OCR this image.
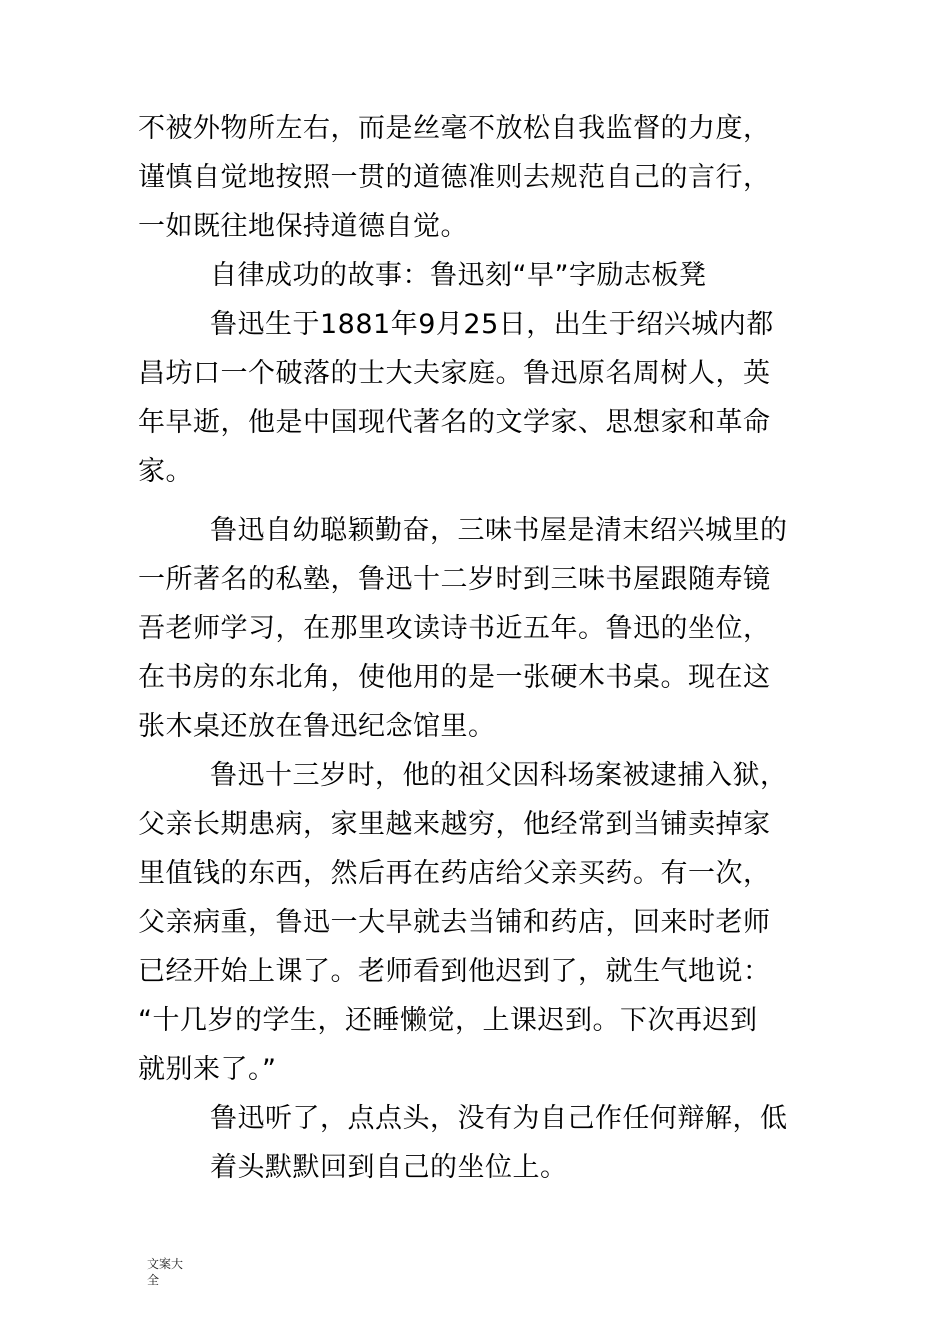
不被外物所左右，而是丝毫不放松自我监督的力度，
谨慎自觉地按照一贯的道德准则去规范自己的言行，
一如既往地保持道德自觉。
自律成功的故事：鲁迅刻“早”字励志板凳
鲁迅生于1881年9月25日，出生于绍兴城内都
昌坊口一个破落的士大夫家庭。鲁迅原名周树人，英
年早逝，他是中国现代著名的文学家、思想家和革命
家。
鲁迅自幼聪颖勤奋，三味书屋是清末绍兴城里的
一所著名的私塾，鲁迅十二岁时到三味书屋跟随寿镜
吾老师学习，在那里攻读诗书近五年。鲁迅的坐位，
在书房的东北角，使他用的是一张硬木书桌。现在这
张木桌还放在鲁迅纪念馆里。
鲁迅十三岁时，他的祖父因科场案被逮捕入狱，
父亲长期患病，家里越来越穷，他经常到当铺卖掉家
里值钱的东西，然后再在药店给父亲买药。有一次，
父亲病重，鲁迅一大早就去当铺和药店，回来时老师
已经开始上课了。老师看到他迟到了，就生气地说：
“十几岁的学生，还睡懒觉，上课迟到。下次再迟到
就别来了。”
鲁迅听了，点点头，没有为自己作任何辩解，低
着头默默回到自己的坐位上。
文案大
全
